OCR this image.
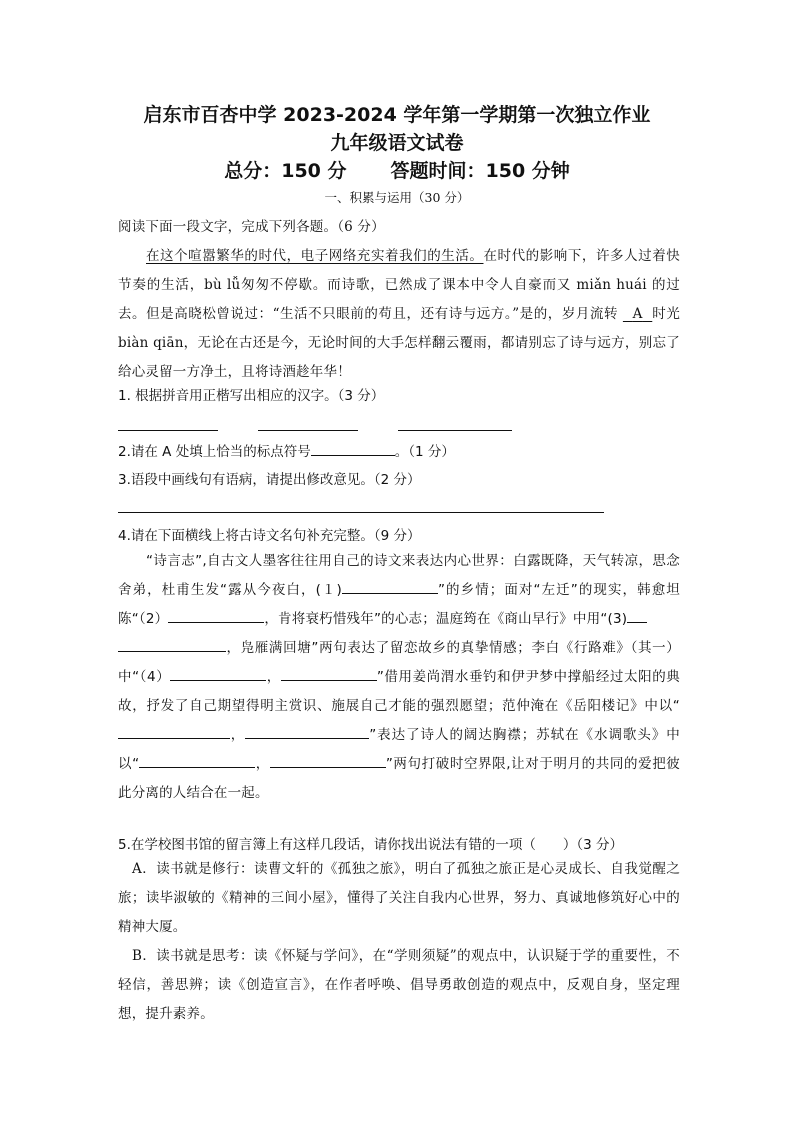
启东市百杏中学 2023-2024 学年第一学期第一次独立作业
九年级语文试卷
总分：150 分 答题时间：150 分钟
一、积累与运用（30 分）

阅读下面一段文字，完成下列各题。（6 分）

在这个喧嚣繁华的时代，电子网络充实着我们的生活。在时代的影响下，许多人过着快节奏的生活，bù lǚ匆匆不停歇。而诗歌，已然成了课本中令人自豪而又 miǎn huái 的过去。但是高晓松曾说过：“生活不只眼前的苟且，还有诗与远方。”是的，岁月流转 A 时光 biàn qiān，无论在古还是今，无论时间的大手怎样翻云覆雨，都请别忘了诗与远方，别忘了给心灵留一方净土，且将诗酒趁年华！

1. 根据拼音用正楷写出相应的汉字。（3 分）
2.请在 A 处填上恰当的标点符号	。（1 分）
3.语段中画线句有语病，请提出修改意见。（2 分）
4.请在下面横线上将古诗文名句补充完整。（9 分）

“诗言志”,自古文人墨客往往用自己的诗文来表达内心世界：白露既降，天气转凉，思念舍弟，杜甫生发“露从今夜白，(１)	”的乡情；面对“左迁”的现实，韩愈坦陈“（2）	，肯将衰朽惜残年”的心志；温庭筠在《商山早行》中用“(3)
，凫雁满回塘”两句表达了留恋故乡的真挚情感；李白《行路难》（其一）中“（4）	，	”借用姜尚渭水垂钓和伊尹梦中撑船经过太阳的典故，抒发了自己期望得明主赏识、施展自己才能的强烈愿望；范仲淹在《岳阳楼记》中以“，	”表达了诗人的阔达胸襟；苏轼在《水调歌头》中以“	，	”两句打破时空界限,让对于明月的共同的爱把彼此分离的人结合在一起。

5.在学校图书馆的留言簿上有这样几段话，请你找出说法有错的一项（　　）（3 分）

A．读书就是修行：读曹文轩的《孤独之旅》，明白了孤独之旅正是心灵成长、自我觉醒之旅；读毕淑敏的《精神的三间小屋》，懂得了关注自我内心世界，努力、真诚地修筑好心中的精神大厦。

B．读书就是思考：读《怀疑与学问》，在“学则须疑”的观点中，认识疑于学的重要性，不轻信，善思辨；读《创造宣言》，在作者呼唤、倡导勇敢创造的观点中，反观自身，坚定理想，提升素养。
